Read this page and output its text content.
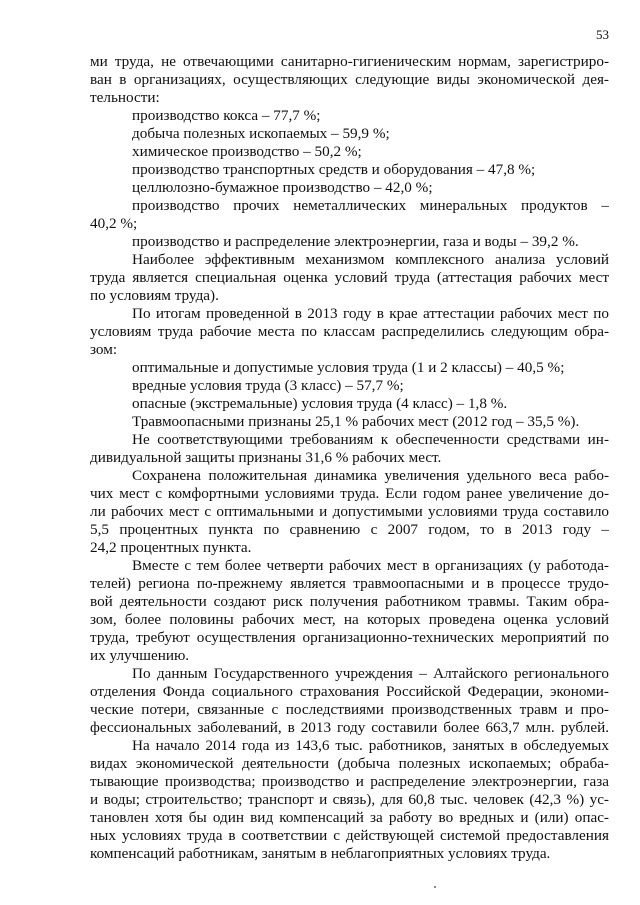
53
ми труда, не отвечающими санитарно-гигиеническим нормам, зарегистриро-
ван в организациях, осуществляющих следующие виды экономической дея-
тельности:
производство кокса – 77,7 %;
добыча полезных ископаемых – 59,9 %;
химическое производство – 50,2 %;
производство транспортных средств и оборудования – 47,8 %;
целлюлозно-бумажное производство – 42,0 %;
производство прочих неметаллических минеральных продуктов –
40,2 %;
производство и распределение электроэнергии, газа и воды – 39,2 %.
Наиболее эффективным механизмом комплексного анализа условий
труда является специальная оценка условий труда (аттестация рабочих мест
по условиям труда).
По итогам проведенной в 2013 году в крае аттестации рабочих мест по
условиям труда рабочие места по классам распределились следующим обра-
зом:
оптимальные и допустимые условия труда (1 и 2 классы) – 40,5 %;
вредные условия труда (3 класс) – 57,7 %;
опасные (экстремальные) условия труда (4 класс) – 1,8 %.
Травмоопасными признаны 25,1 % рабочих мест (2012 год – 35,5 %).
Не соответствующими требованиям к обеспеченности средствами ин-
дивидуальной защиты признаны 31,6 % рабочих мест.
Сохранена положительная динамика увеличения удельного веса рабо-
чих мест с комфортными условиями труда. Если годом ранее увеличение до-
ли рабочих мест с оптимальными и допустимыми условиями труда составило
5,5 процентных пункта по сравнению с 2007 годом, то в 2013 году –
24,2 процентных пункта.
Вместе с тем более четверти рабочих мест в организациях (у работода-
телей) региона по-прежнему является травмоопасными и в процессе трудо-
вой деятельности создают риск получения работником травмы. Таким обра-
зом, более половины рабочих мест, на которых проведена оценка условий
труда, требуют осуществления организационно-технических мероприятий по
их улучшению.
По данным Государственного учреждения – Алтайского регионального
отделения Фонда социального страхования Российской Федерации, экономи-
ческие потери, связанные с последствиями производственных травм и про-
фессиональных заболеваний, в 2013 году составили более 663,7 млн. рублей.
На начало 2014 года из 143,6 тыс. работников, занятых в обследуемых
видах экономической деятельности (добыча полезных ископаемых; обраба-
тывающие производства; производство и распределение электроэнергии, газа
и воды; строительство; транспорт и связь), для 60,8 тыс. человек (42,3 %) ус-
тановлен хотя бы один вид компенсаций за работу во вредных и (или) опас-
ных условиях труда в соответствии с действующей системой предоставления
компенсаций работникам, занятым в неблагоприятных условиях труда.
